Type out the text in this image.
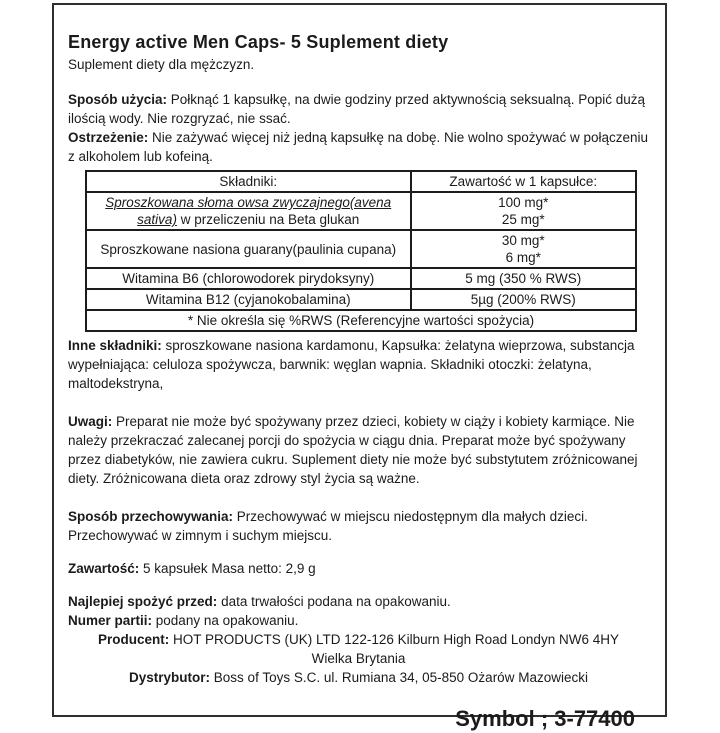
Energy active Men Caps- 5 Suplement diety

Suplement diety dla mężczyzn.

Sposób użycia: Połknąć 1 kapsułkę, na dwie godziny przed aktywnością seksualną. Popić dużą ilością wody. Nie rozgryzać, nie ssać.

Ostrzeżenie: Nie zażywać więcej niż jedną kapsułkę na dobę. Nie wolno spożywać w połączeniu z alkoholem lub kofeiną.

Składniki:	Zawartość w 1 kapsułce:
Sproszkowana słoma owsa zwyczajnego(avena sativa) w przeliczeniu na Beta glukan	100 mg*
25 mg*

Sproszkowane nasiona guarany(paulinia cupana)	30 mg*
6 mg*

Witamina B6 (chlorowodorek pirydoksyny)	5 mg (350 % RWS)
Witamina B12 (cyjanokobalamina)	5µg (200% RWS)
* Nie określa się %RWS (Referencyjne wartości spożycia)	

Inne składniki: sproszkowane nasiona kardamonu, Kapsułka: żelatyna wieprzowa, substancja wypełniająca: celuloza spożywcza, barwnik: węglan wapnia. Składniki otoczki: żelatyna, maltodekstryna,

Uwagi: Preparat nie może być spożywany przez dzieci, kobiety w ciąży i kobiety karmiące. Nie należy przekraczać zalecanej porcji do spożycia w ciągu dnia. Preparat może być spożywany przez diabetyków, nie zawiera cukru. Suplement diety nie może być substytutem zróżnicowanej diety. Zróżnicowana dieta oraz zdrowy styl życia są ważne.

Sposób przechowywania: Przechowywać w miejscu niedostępnym dla małych dzieci. Przechowywać w zimnym i suchym miejscu.

Zawartość: 5 kapsułek Masa netto: 2,9 g

Najlepiej spożyć przed: data trwałości podana na opakowaniu.

Numer partii: podany na opakowaniu.

Producent: HOT PRODUCTS (UK) LTD 122-126 Kilburn High Road Londyn NW6 4HY

Wielka Brytania

Dystrybutor: Boss of Toys S.C. ul. Rumiana 34, 05-850 Ożarów Mazowiecki

Symbol ; 3-77400
